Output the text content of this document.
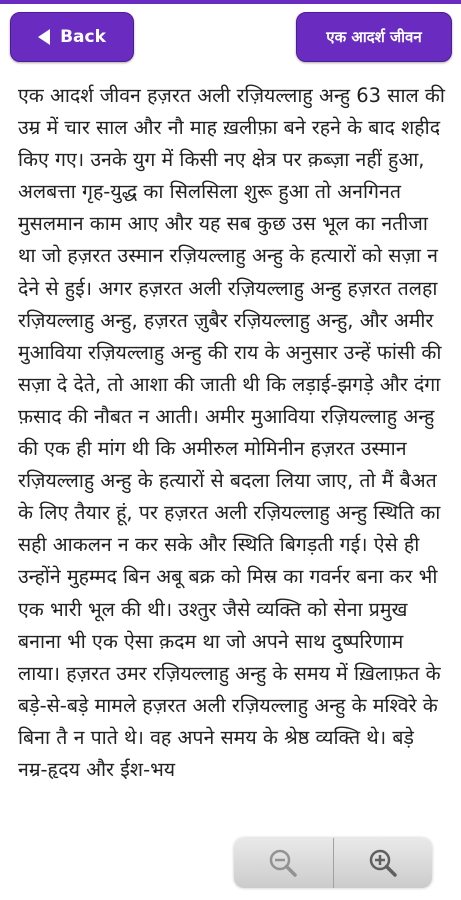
Back	एक आदर्श जीवन
एक आदर्श जीवन हज़रत अली रज़ियल्लाहु अन्हु 63 साल की उम्र में चार साल और नौ माह ख़लीफ़ा बने रहने के बाद शहीद किए गए। उनके युग में किसी नए क्षेत्र पर क़ब्ज़ा नहीं हुआ, अलबत्ता गृह-युद्ध का सिलसिला शुरू हुआ तो अनगिनत मुसलमान काम आए और यह सब कुछ उस भूल का नतीजा था जो हज़रत उस्मान रज़ियल्लाहु अन्हु के हत्यारों को सज़ा न देने से हुई। अगर हज़रत अली रज़ियल्लाहु अन्हु हज़रत तलहा रज़ियल्लाहु अन्हु, हज़रत ज़ुबैर रज़ियल्लाहु अन्हु, और अमीर मुआविया रज़ियल्लाहु अन्हु की राय के अनुसार उन्हें फांसी की सज़ा दे देते, तो आशा की जाती थी कि लड़ाई-झगड़े और दंगा फ़साद की नौबत न आती। अमीर मुआविया रज़ियल्लाहु अन्हु की एक ही मांग थी कि अमीरुल मोमिनीन हज़रत उस्मान रज़ियल्लाहु अन्हु के हत्यारों से बदला लिया जाए, तो मैं बैअत के लिए तैयार हूं, पर हज़रत अली रज़ियल्लाहु अन्हु स्थिति का सही आकलन न कर सके और स्थिति बिगड़ती गई। ऐसे ही उन्होंने मुहम्मद बिन अबू बक्र को मिस्र का गवर्नर बना कर भी एक भारी भूल की थी। उश्तुर जैसे व्यक्ति को सेना प्रमुख बनाना भी एक ऐसा क़दम था जो अपने साथ दुष्परिणाम लाया। हज़रत उमर रज़ियल्लाहु अन्हु के समय में ख़िलाफ़त के बड़े-से-बड़े मामले हज़रत अली रज़ियल्लाहु अन्हु के मश्विरे के बिना तै न पाते थे। वह अपने समय के श्रेष्ठ व्यक्ति थे। बड़े नम्र-हृदय और ईश-भय
